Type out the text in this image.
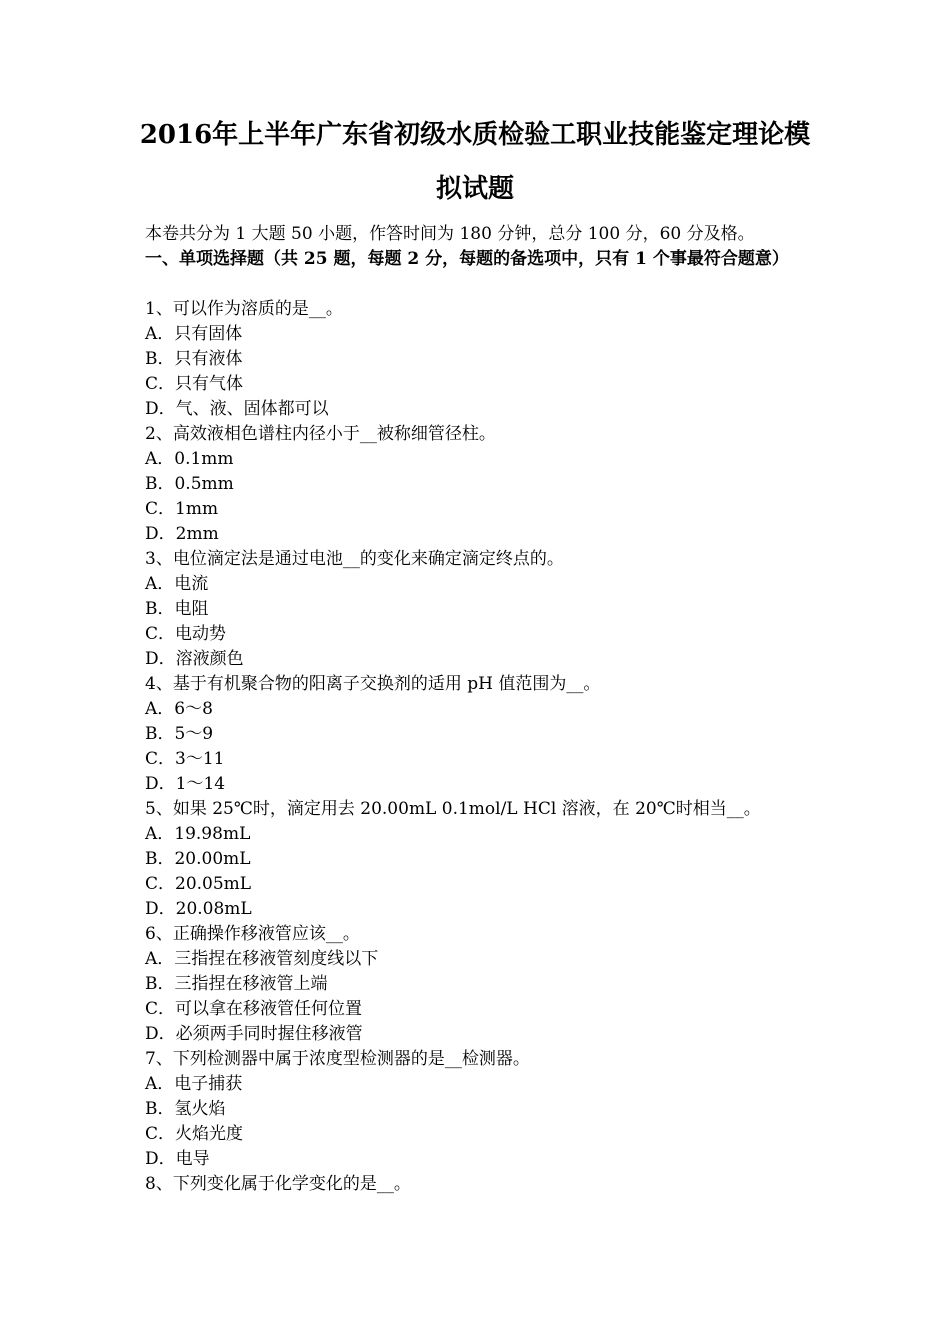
2016年上半年广东省初级水质检验工职业技能鉴定理论模
拟试题
本卷共分为 1 大题 50 小题，作答时间为 180 分钟，总分 100 分，60 分及格。
一、单项选择题（共 25 题，每题 2 分，每题的备选项中，只有 1 个事最符合题意）
1、可以作为溶质的是__。
A．只有固体
B．只有液体
C．只有气体
D．气、液、固体都可以
2、高效液相色谱柱内径小于__被称细管径柱。
A．0.1mm
B．0.5mm
C．1mm
D．2mm
3、电位滴定法是通过电池__的变化来确定滴定终点的。
A．电流
B．电阻
C．电动势
D．溶液颜色
4、基于有机聚合物的阳离子交换剂的适用 pH 值范围为__。
A．6～8
B．5～9
C．3～11
D．1～14
5、如果 25℃时，滴定用去 20.00mL 0.1mol/L HCl 溶液，在 20℃时相当__。
A．19.98mL
B．20.00mL
C．20.05mL
D．20.08mL
6、正确操作移液管应该__。
A．三指捏在移液管刻度线以下
B．三指捏在移液管上端
C．可以拿在移液管任何位置
D．必须两手同时握住移液管
7、下列检测器中属于浓度型检测器的是__检测器。
A．电子捕获
B．氢火焰
C．火焰光度
D．电导
8、下列变化属于化学变化的是__。
